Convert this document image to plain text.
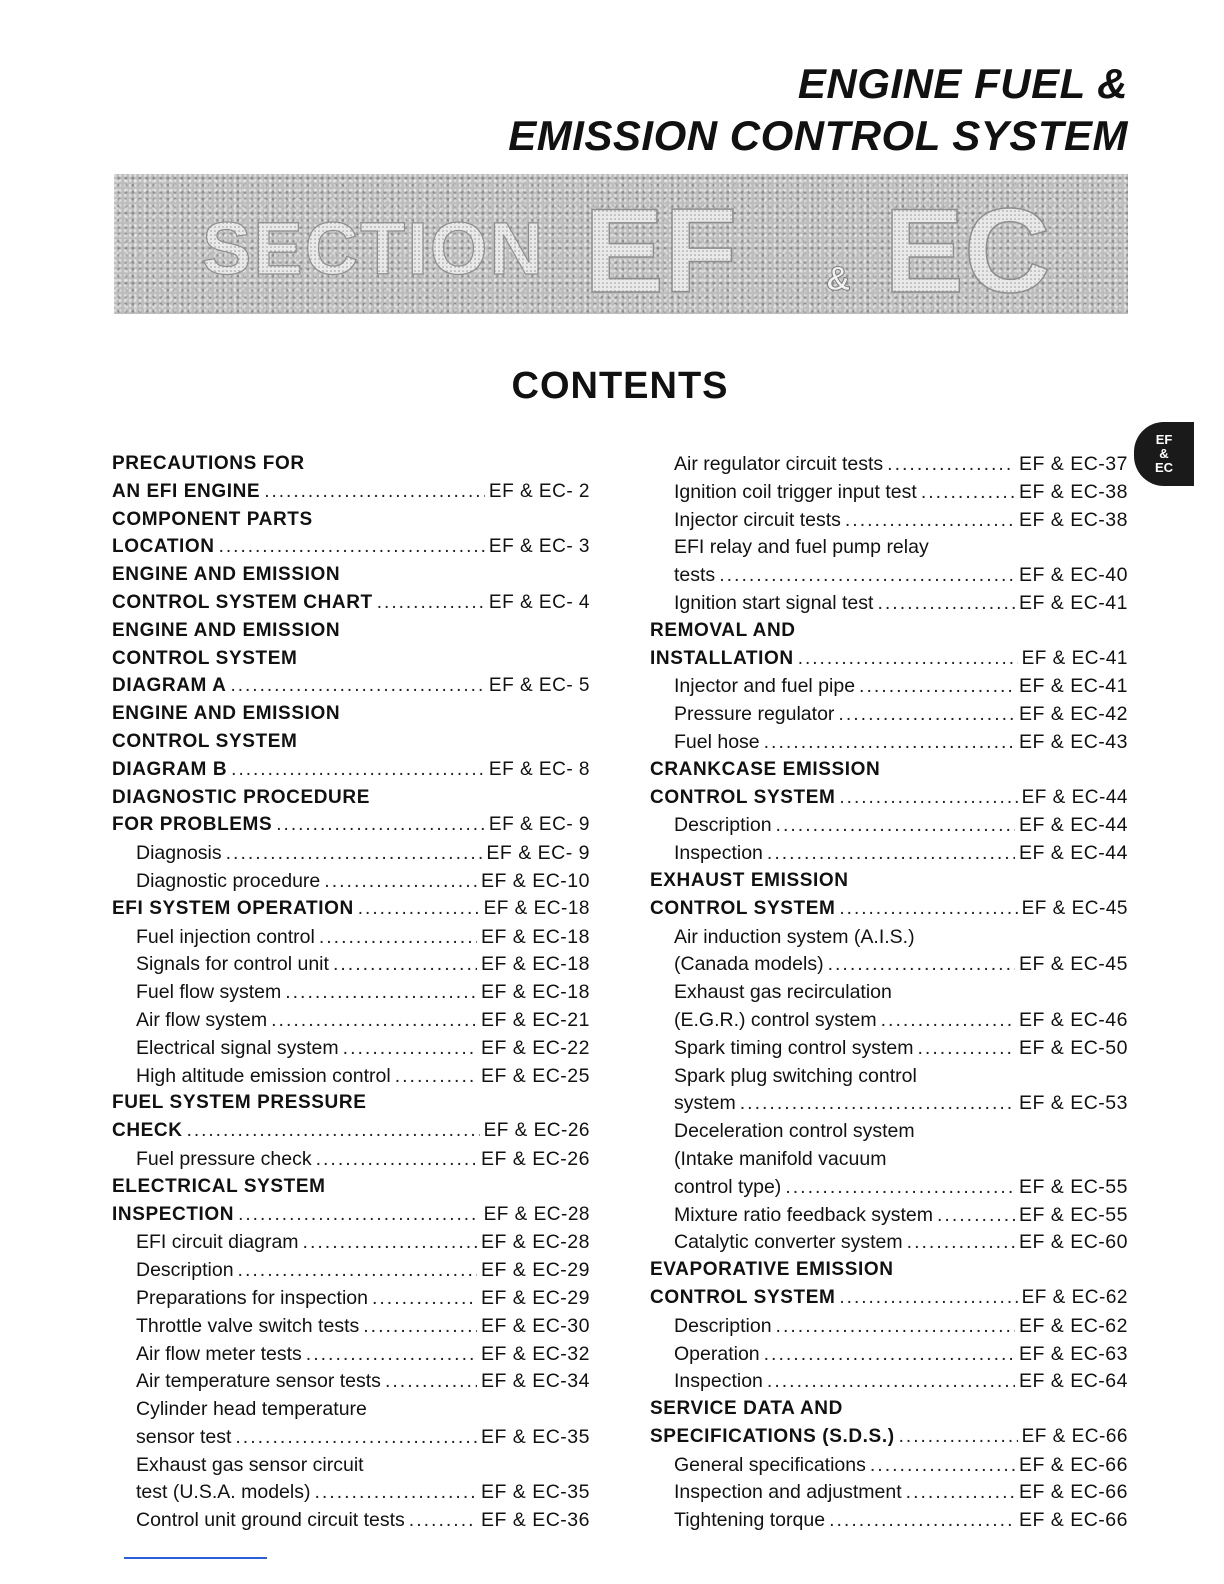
ENGINE FUEL &
EMISSION CONTROL SYSTEM
SECTION EF	& EC
CONTENTS
EF
&
EC
PRECAUTIONS FOR
AN EFI ENGINE .....	EF & EC- 2
COMPONENT PARTS
LOCATION .....	EF & EC- 3
ENGINE AND EMISSION
CONTROL SYSTEM CHART .....	EF & EC- 4
ENGINE AND EMISSION
CONTROL SYSTEM
DIAGRAM A .....	EF & EC- 5
ENGINE AND EMISSION
CONTROL SYSTEM
DIAGRAM B .....	EF & EC- 8
DIAGNOSTIC PROCEDURE
FOR PROBLEMS .....	EF & EC- 9
Diagnosis .....	EF & EC- 9
Diagnostic procedure .....	EF & EC-10
EFI SYSTEM OPERATION .....	EF & EC-18
Fuel injection control .....	EF & EC-18
Signals for control unit .....	EF & EC-18
Fuel flow system .....	EF & EC-18
Air flow system .....	EF & EC-21
Electrical signal system .....	EF & EC-22
High altitude emission control .....	EF & EC-25
FUEL SYSTEM PRESSURE
CHECK .....	EF & EC-26
Fuel pressure check .....	EF & EC-26
ELECTRICAL SYSTEM
INSPECTION .....	EF & EC-28
EFI circuit diagram .....	EF & EC-28
Description .....	EF & EC-29
Preparations for inspection .....	EF & EC-29
Throttle valve switch tests .....	EF & EC-30
Air flow meter tests .....	EF & EC-32
Air temperature sensor tests .....	EF & EC-34
Cylinder head temperature
sensor test .....	EF & EC-35
Exhaust gas sensor circuit
test (U.S.A. models) .....	EF & EC-35
Control unit ground circuit tests .....	EF & EC-36
Air regulator circuit tests .....	EF & EC-37
Ignition coil trigger input test .....	EF & EC-38
Injector circuit tests .....	EF & EC-38
EFI relay and fuel pump relay
tests .....	EF & EC-40
Ignition start signal test .....	EF & EC-41
REMOVAL AND
INSTALLATION .....	EF & EC-41
Injector and fuel pipe .....	EF & EC-41
Pressure regulator .....	EF & EC-42
Fuel hose .....	EF & EC-43
CRANKCASE EMISSION
CONTROL SYSTEM .....	EF & EC-44
Description .....	EF & EC-44
Inspection .....	EF & EC-44
EXHAUST EMISSION
CONTROL SYSTEM .....	EF & EC-45
Air induction system (A.I.S.)
(Canada models) .....	EF & EC-45
Exhaust gas recirculation
(E.G.R.) control system .....	EF & EC-46
Spark timing control system .....	EF & EC-50
Spark plug switching control
system .....	EF & EC-53
Deceleration control system
(Intake manifold vacuum
control type) .....	EF & EC-55
Mixture ratio feedback system .....	EF & EC-55
Catalytic converter system .....	EF & EC-60
EVAPORATIVE EMISSION
CONTROL SYSTEM .....	EF & EC-62
Description .....	EF & EC-62
Operation .....	EF & EC-63
Inspection .....	EF & EC-64
SERVICE DATA AND
SPECIFICATIONS (S.D.S.) .....	EF & EC-66
General specifications .....	EF & EC-66
Inspection and adjustment .....	EF & EC-66
Tightening torque .....	EF & EC-66
